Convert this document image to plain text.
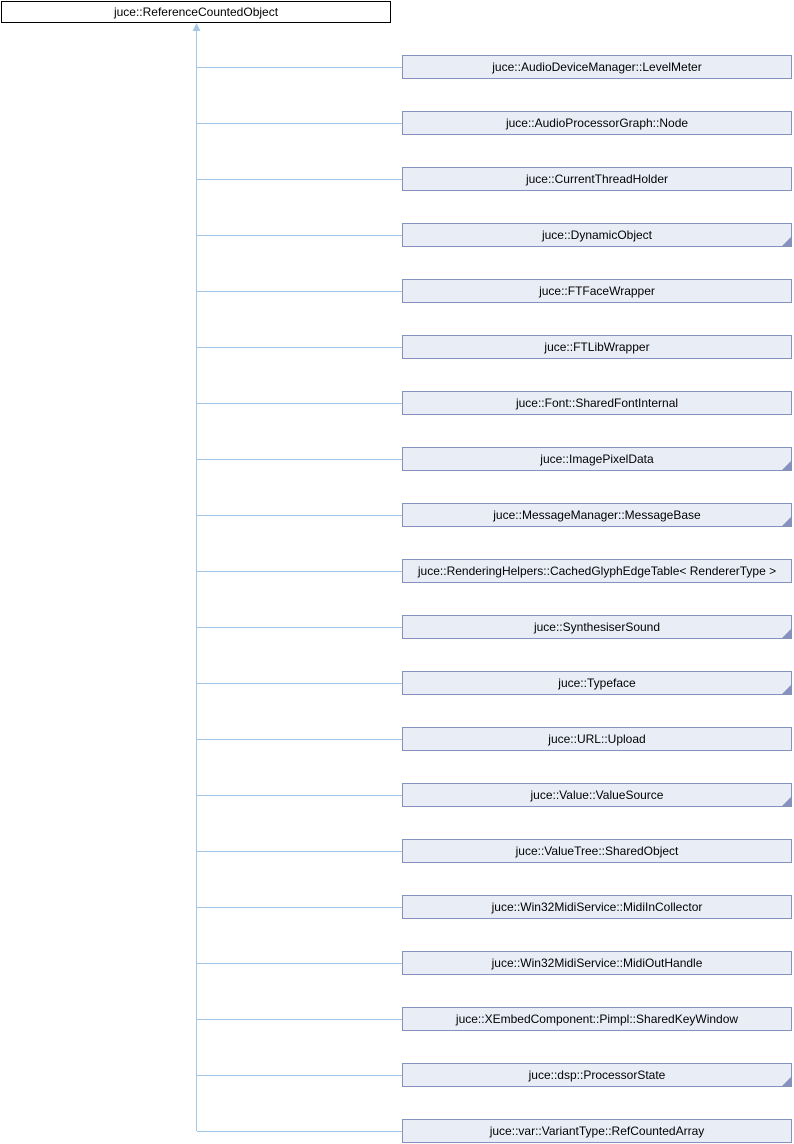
juce::ReferenceCountedObject
juce::AudioDeviceManager::LevelMeter
juce::AudioProcessorGraph::Node
juce::CurrentThreadHolder
juce::DynamicObject
juce::FTFaceWrapper
juce::FTLibWrapper
juce::Font::SharedFontInternal
juce::ImagePixelData
juce::MessageManager::MessageBase
juce::RenderingHelpers::CachedGlyphEdgeTable< RendererType >
juce::SynthesiserSound
juce::Typeface
juce::URL::Upload
juce::Value::ValueSource
juce::ValueTree::SharedObject
juce::Win32MidiService::MidiInCollector
juce::Win32MidiService::MidiOutHandle
juce::XEmbedComponent::Pimpl::SharedKeyWindow
juce::dsp::ProcessorState
juce::var::VariantType::RefCountedArray
